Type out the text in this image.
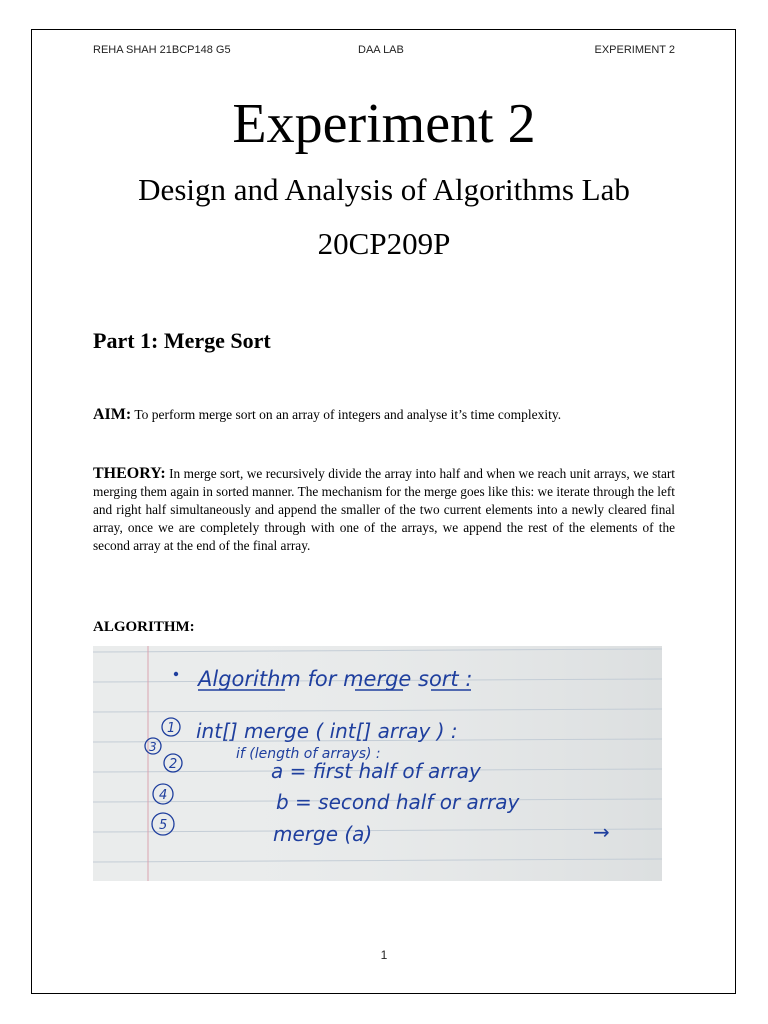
REHA SHAH 21BCP148 G5	DAA LAB	EXPERIMENT 2
Experiment 2
Design and Analysis of Algorithms Lab
20CP209P
Part 1: Merge Sort
AIM: To perform merge sort on an array of integers and analyse it’s time complexity.
THEORY: In merge sort, we recursively divide the array into half and when we reach unit arrays, we start merging them again in sorted manner. The mechanism for the merge goes like this: we iterate through the left and right half simultaneously and append the smaller of the two current elements into a newly cleared final array, once we are completely through with one of the arrays, we append the rest of the elements of the second array at the end of the final array.
ALGORITHM:
Algorithm for merge sort :
1
3
2
4
5
int[] merge ( int[] array ) :
if (length of arrays) :
a = first half of array
b = second half or array
merge (a)	→
1
